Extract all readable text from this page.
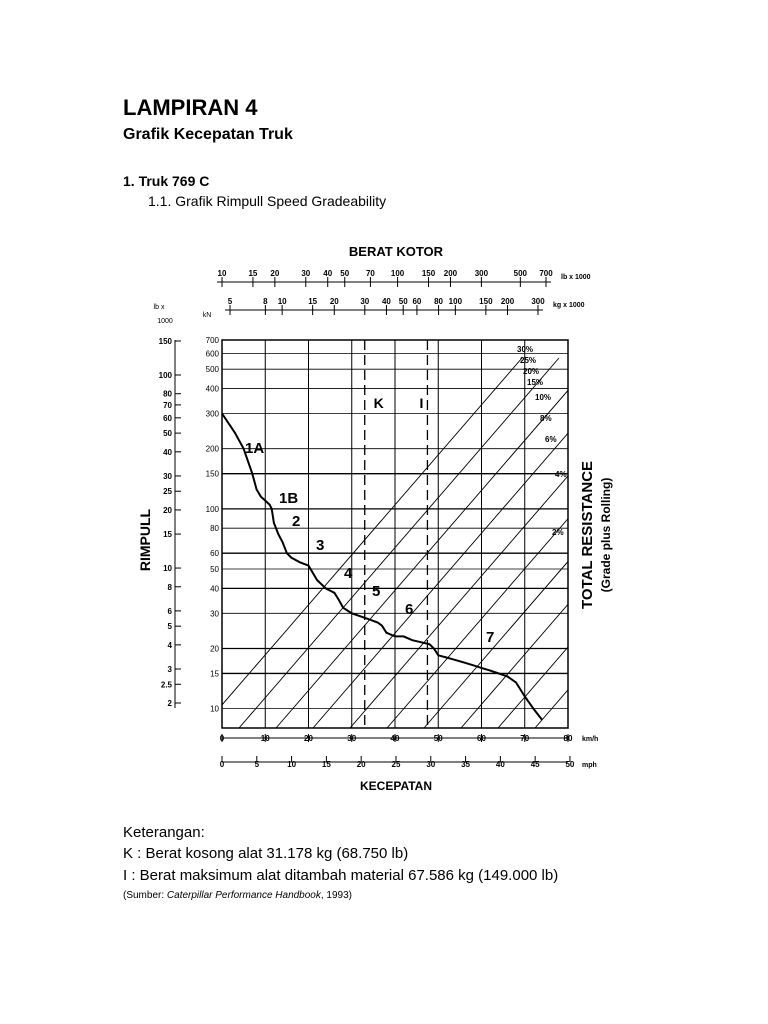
LAMPIRAN 4
Grafik Kecepatan Truk
1. Truk 769 C
1.1. Grafik Rimpull Speed Gradeability
BERAT KOTOR
KECEPATAN
RIMPULL	TOTAL RESISTANCE (Grade plus Rolling)
lb x
1000
kN
700
600
500
400
300
200
150
100
80
60
50
40
30
20
15
10
0	10	20	30	40	50	60	70	80 km/h
0	5	10	15	20	25	30	35	40	45	50 mph
150
100
80
70
60
50
40
30
25
20
15
10
8
6
5
4
3
2.5
2
10	15 20	30 40 50 70 100 150 200 300	500 700 lb x 1000
5	8 10	15 20	30 40 50 60 80 100 150 200 300 kg x 1000
30%
25%
20%
15%
10%
8%
6%
4%
2%
K	I
1A
1B
2
3
4
5
6
7
Keterangan:
K : Berat kosong alat 31.178 kg (68.750 lb)
I : Berat maksimum alat ditambah material 67.586 kg (149.000 lb)
(Sumber: Caterpillar Performance Handbook, 1993)
